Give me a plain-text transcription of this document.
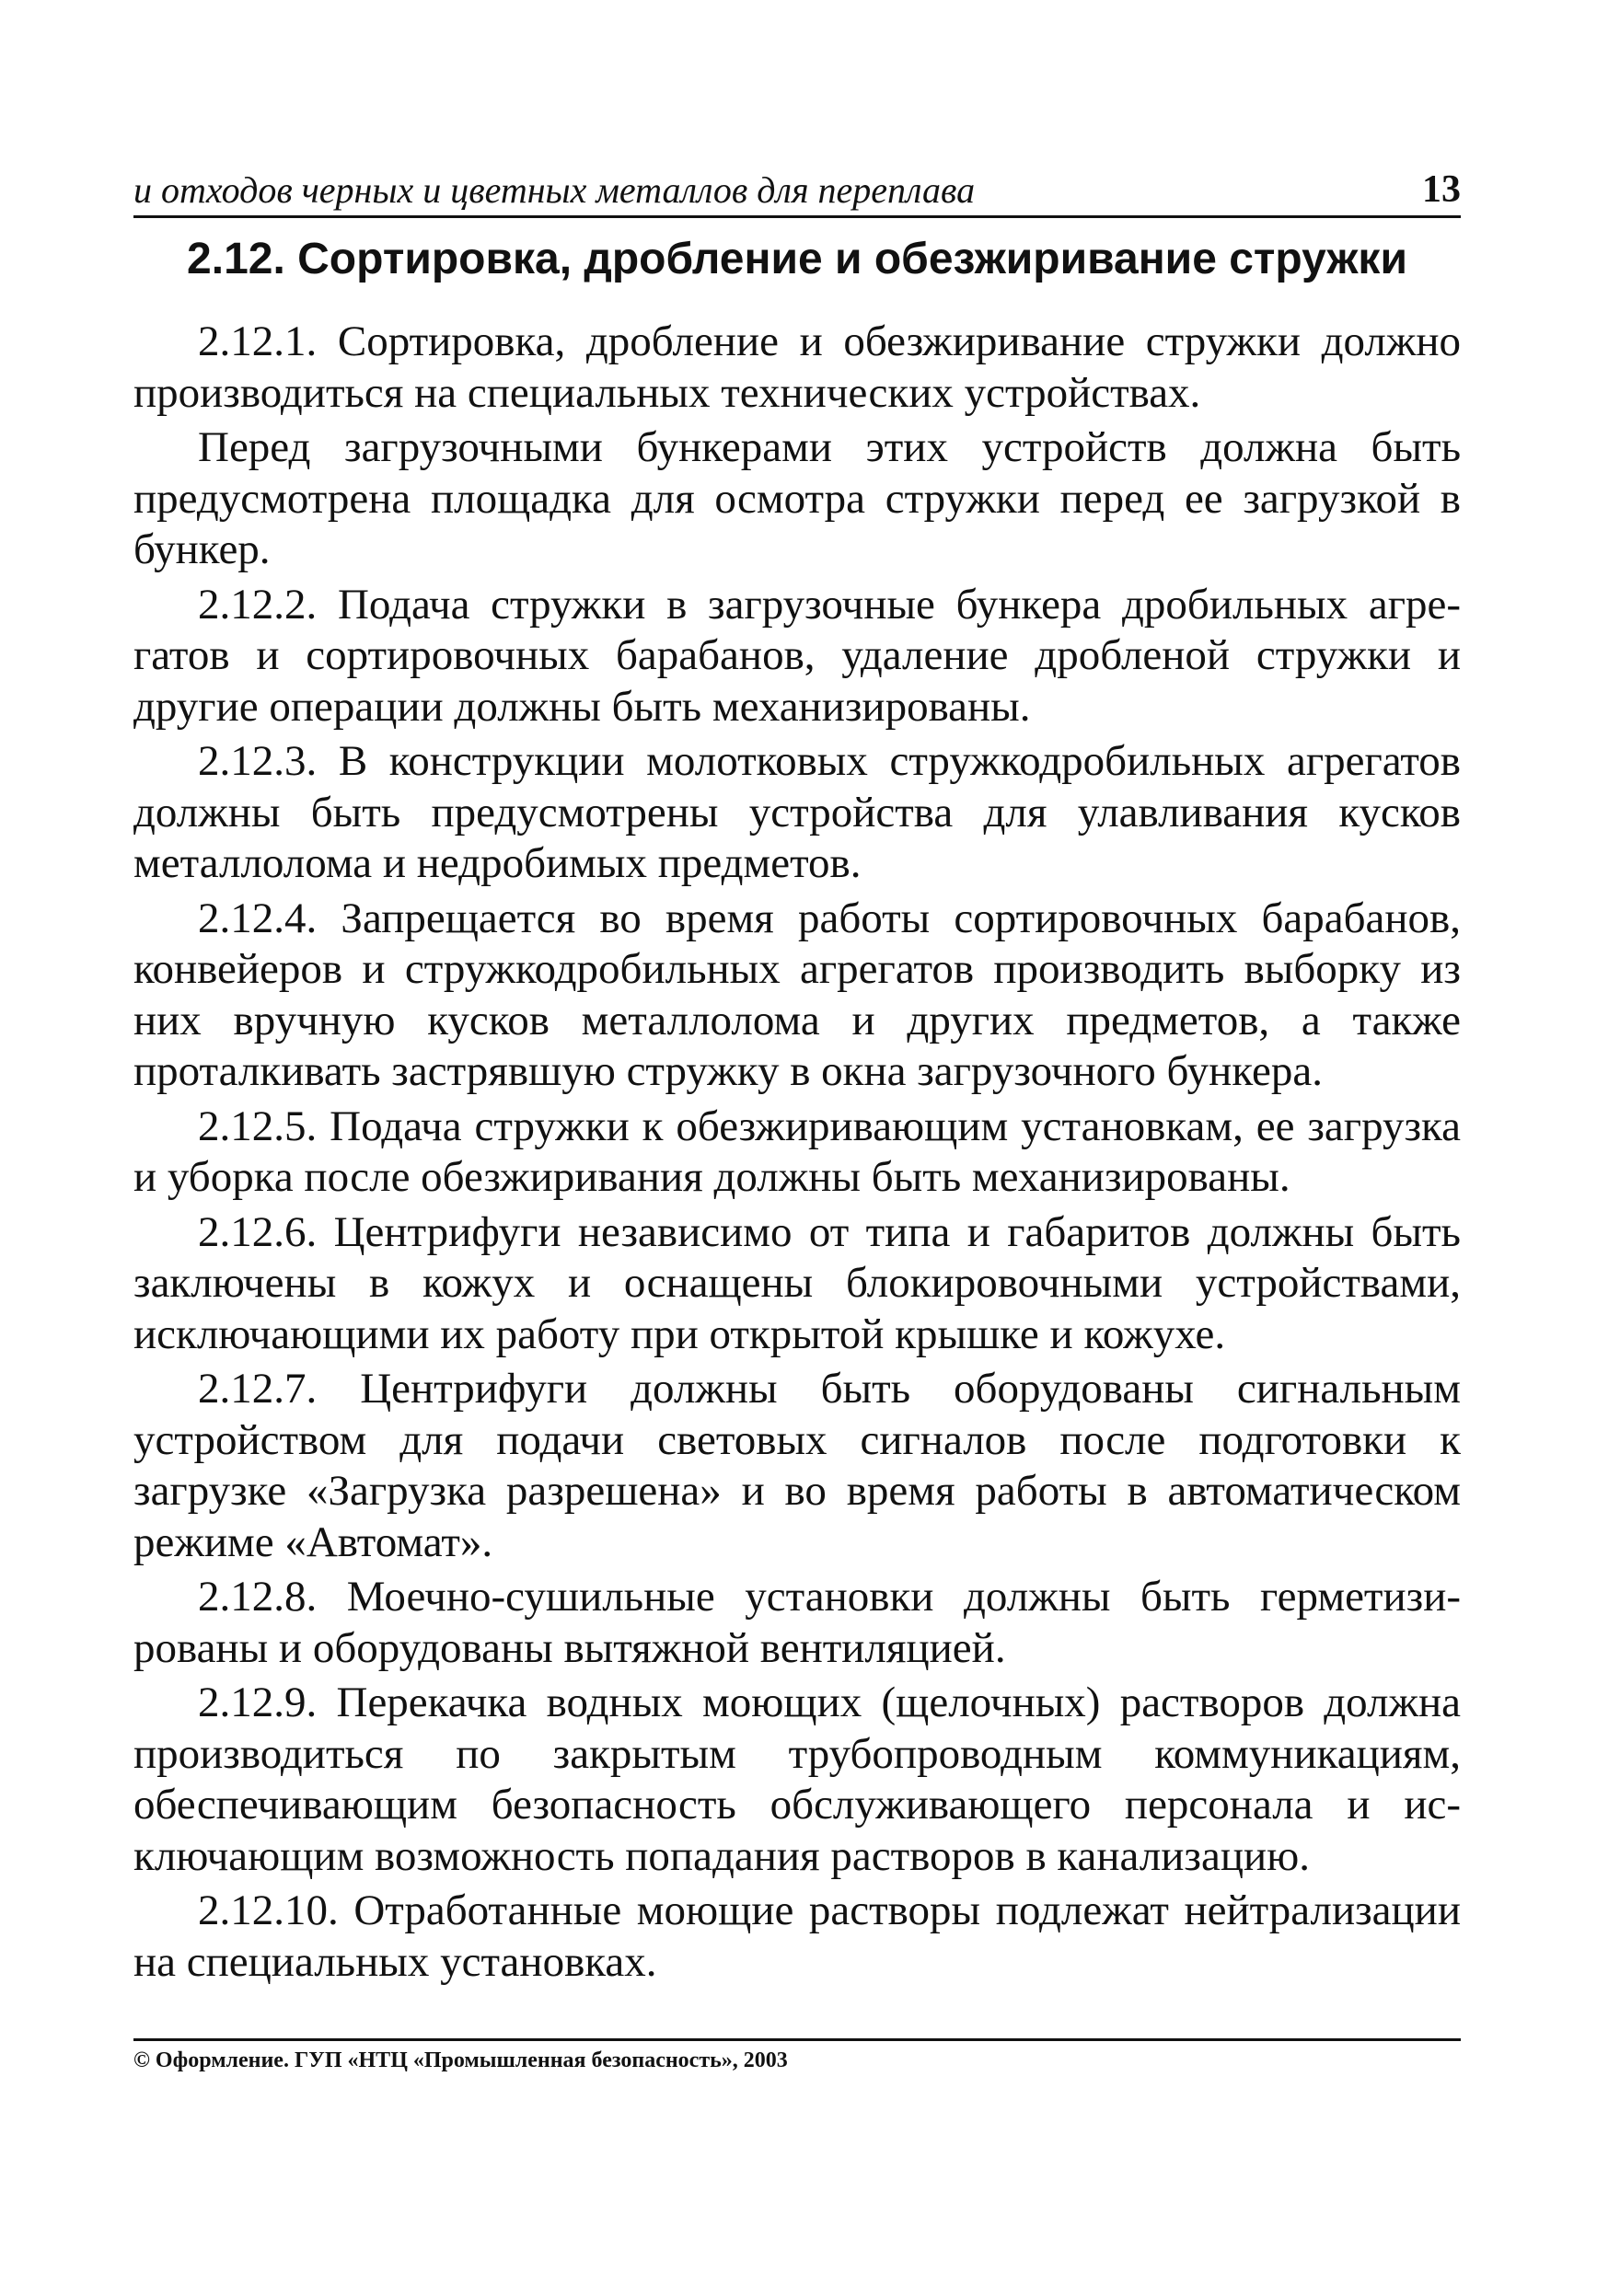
и отходов черных и цветных металлов для переплава	13
2.12. Сортировка, дробление и обезжиривание стружки

2.12.1. Сортировка, дробление и обезжиривание стружки должно производиться на специальных технических устройствах.

Перед загрузочными бункерами этих устройств должна быть предусмотрена площадка для осмотра стружки перед ее загрузкой в бункер.

2.12.2. Подача стружки в загрузочные бункера дробильных агрегатов и сортировочных барабанов, удаление дробленой стружки и другие операции должны быть механизированы.

2.12.3. В конструкции молотковых стружкодробильных агрегатов должны быть предусмотрены устройства для улавливания кусков металлолома и недробимых предметов.

2.12.4. Запрещается во время работы сортировочных барабанов, конвейеров и стружкодробильных агрегатов производить выборку из них вручную кусков металлолома и других предметов, а также проталкивать застрявшую стружку в окна загрузочного бункера.

2.12.5. Подача стружки к обезжиривающим установкам, ее загрузка и уборка после обезжиривания должны быть механизированы.

2.12.6. Центрифуги независимо от типа и габаритов должны быть заключены в кожух и оснащены блокировочными устройствами, исключающими их работу при открытой крышке и кожухе.

2.12.7. Центрифуги должны быть оборудованы сигнальным устройством для подачи световых сигналов после подготовки к загрузке «Загрузка разрешена» и во время работы в автоматическом режиме «Автомат».

2.12.8. Моечно-сушильные установки должны быть герметизированы и оборудованы вытяжной вентиляцией.

2.12.9. Перекачка водных моющих (щелочных) растворов должна производиться по закрытым трубопроводным коммуникациям, обеспечивающим безопасность обслуживающего персонала и исключающим возможность попадания растворов в канализацию.

2.12.10. Отработанные моющие растворы подлежат нейтрализации на специальных установках.

© Оформление. ГУП «НТЦ «Промышленная безопасность», 2003
